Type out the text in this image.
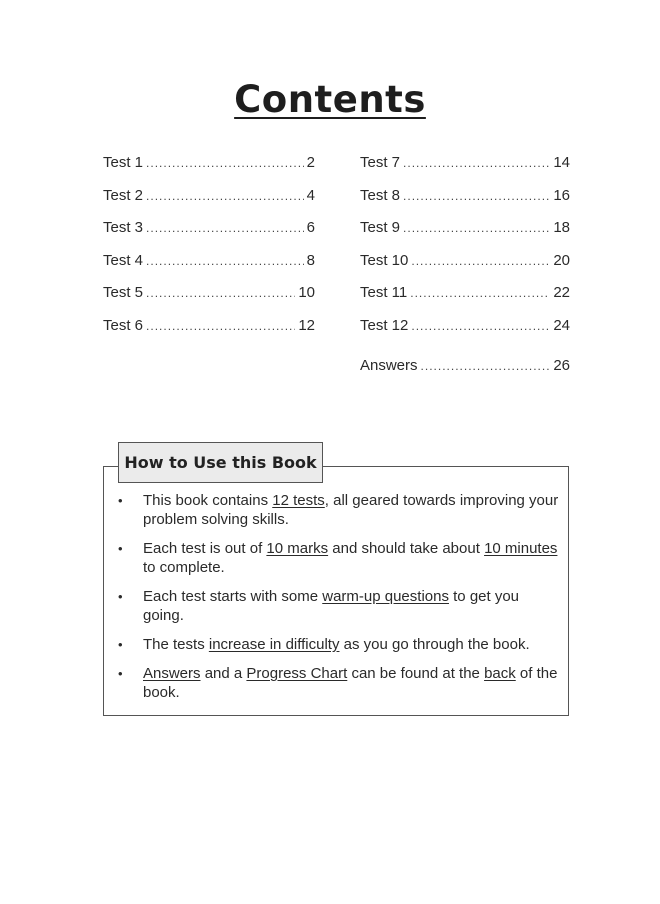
Contents
Test 1 .....	2
Test 2 .....	4
Test 3 .....	6
Test 4 .....	8
Test 5 .....	10
Test 6 .....	12
Test 7 .....	14
Test 8 .....	16
Test 9 .....	18
Test 10 .....	20
Test 11 .....	22
Test 12 .....	24
Answers .....	26
How to Use this Book
•	This book contains 12 tests, all geared towards improving your problem solving skills.
•	Each test is out of 10 marks and should take about 10 minutes to complete.
•	Each test starts with some warm-up questions to get you going.
•	The tests increase in difficulty as you go through the book.
•	Answers and a Progress Chart can be found at the back of the book.
